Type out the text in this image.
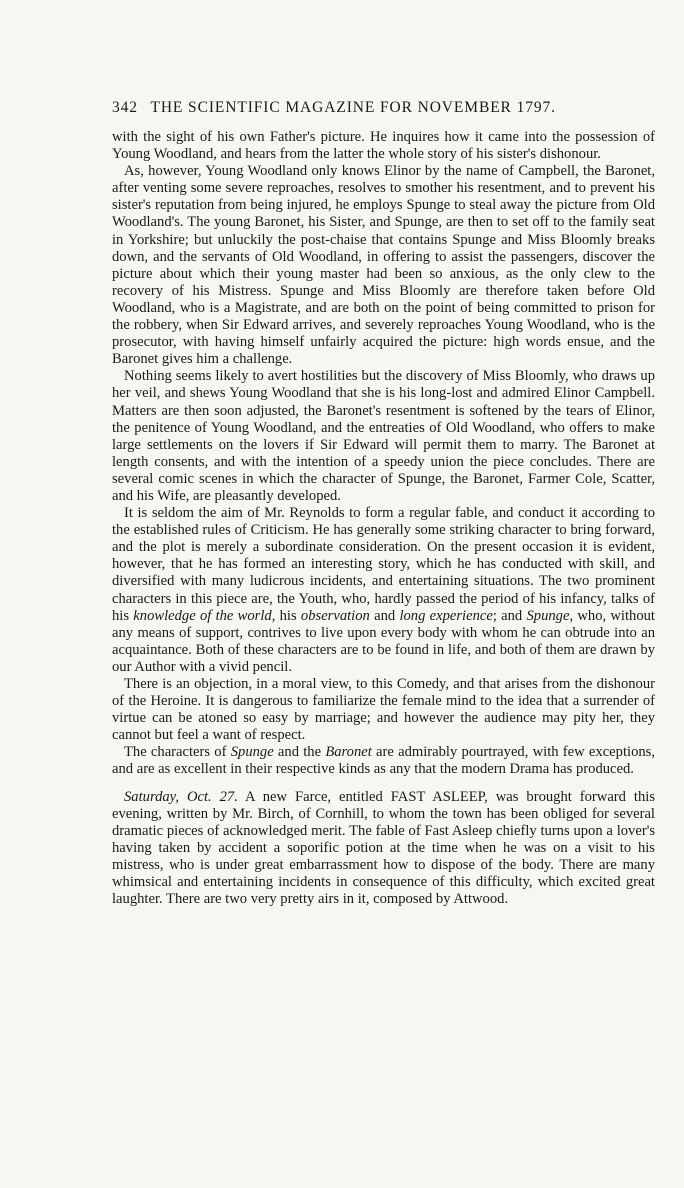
342 THE SCIENTIFIC MAGAZINE FOR NOVEMBER 1797.

with the sight of his own Father's picture. He inquires how it came into the possession of Young Woodland, and hears from the latter the whole story of his sister's dishonour.

As, however, Young Woodland only knows Elinor by the name of Campbell, the Baronet, after venting some severe reproaches, resolves to smother his resentment, and to prevent his sister's reputation from being injured, he employs Spunge to steal away the picture from Old Woodland's. The young Baronet, his Sister, and Spunge, are then to set off to the family seat in Yorkshire; but unluckily the post-chaise that contains Spunge and Miss Bloomly breaks down, and the servants of Old Woodland, in offering to assist the passengers, discover the picture about which their young master had been so anxious, as the only clew to the recovery of his Mistress. Spunge and Miss Bloomly are therefore taken before Old Woodland, who is a Magistrate, and are both on the point of being committed to prison for the robbery, when Sir Edward arrives, and severely reproaches Young Woodland, who is the prosecutor, with having himself unfairly acquired the picture: high words ensue, and the Baronet gives him a challenge.

Nothing seems likely to avert hostilities but the discovery of Miss Bloomly, who draws up her veil, and shews Young Woodland that she is his long-lost and admired Elinor Campbell. Matters are then soon adjusted, the Baronet's resentment is softened by the tears of Elinor, the penitence of Young Woodland, and the entreaties of Old Woodland, who offers to make large settlements on the lovers if Sir Edward will permit them to marry. The Baronet at length consents, and with the intention of a speedy union the piece concludes. There are several comic scenes in which the character of Spunge, the Baronet, Farmer Cole, Scatter, and his Wife, are pleasantly developed.

It is seldom the aim of Mr. Reynolds to form a regular fable, and conduct it according to the established rules of Criticism. He has generally some striking character to bring forward, and the plot is merely a subordinate consideration. On the present occasion it is evident, however, that he has formed an interesting story, which he has conducted with skill, and diversified with many ludicrous incidents, and entertaining situations. The two prominent characters in this piece are, the Youth, who, hardly passed the period of his infancy, talks of his knowledge of the world, his observation and long experience; and Spunge, who, without any means of support, contrives to live upon every body with whom he can obtrude into an acquaintance. Both of these characters are to be found in life, and both of them are drawn by our Author with a vivid pencil.

There is an objection, in a moral view, to this Comedy, and that arises from the dishonour of the Heroine. It is dangerous to familiarize the female mind to the idea that a surrender of virtue can be atoned so easy by marriage; and however the audience may pity her, they cannot but feel a want of respect.

The characters of Spunge and the Baronet are admirably pourtrayed, with few exceptions, and are as excellent in their respective kinds as any that the modern Drama has produced.

Saturday, Oct. 27. A new Farce, entitled FAST ASLEEP, was brought forward this evening, written by Mr. Birch, of Cornhill, to whom the town has been obliged for several dramatic pieces of acknowledged merit. The fable of Fast Asleep chiefly turns upon a lover's having taken by accident a soporific potion at the time when he was on a visit to his mistress, who is under great embarrassment how to dispose of the body. There are many whimsical and entertaining incidents in consequence of this difficulty, which excited great laughter. There are two very pretty airs in it, composed by Attwood.
